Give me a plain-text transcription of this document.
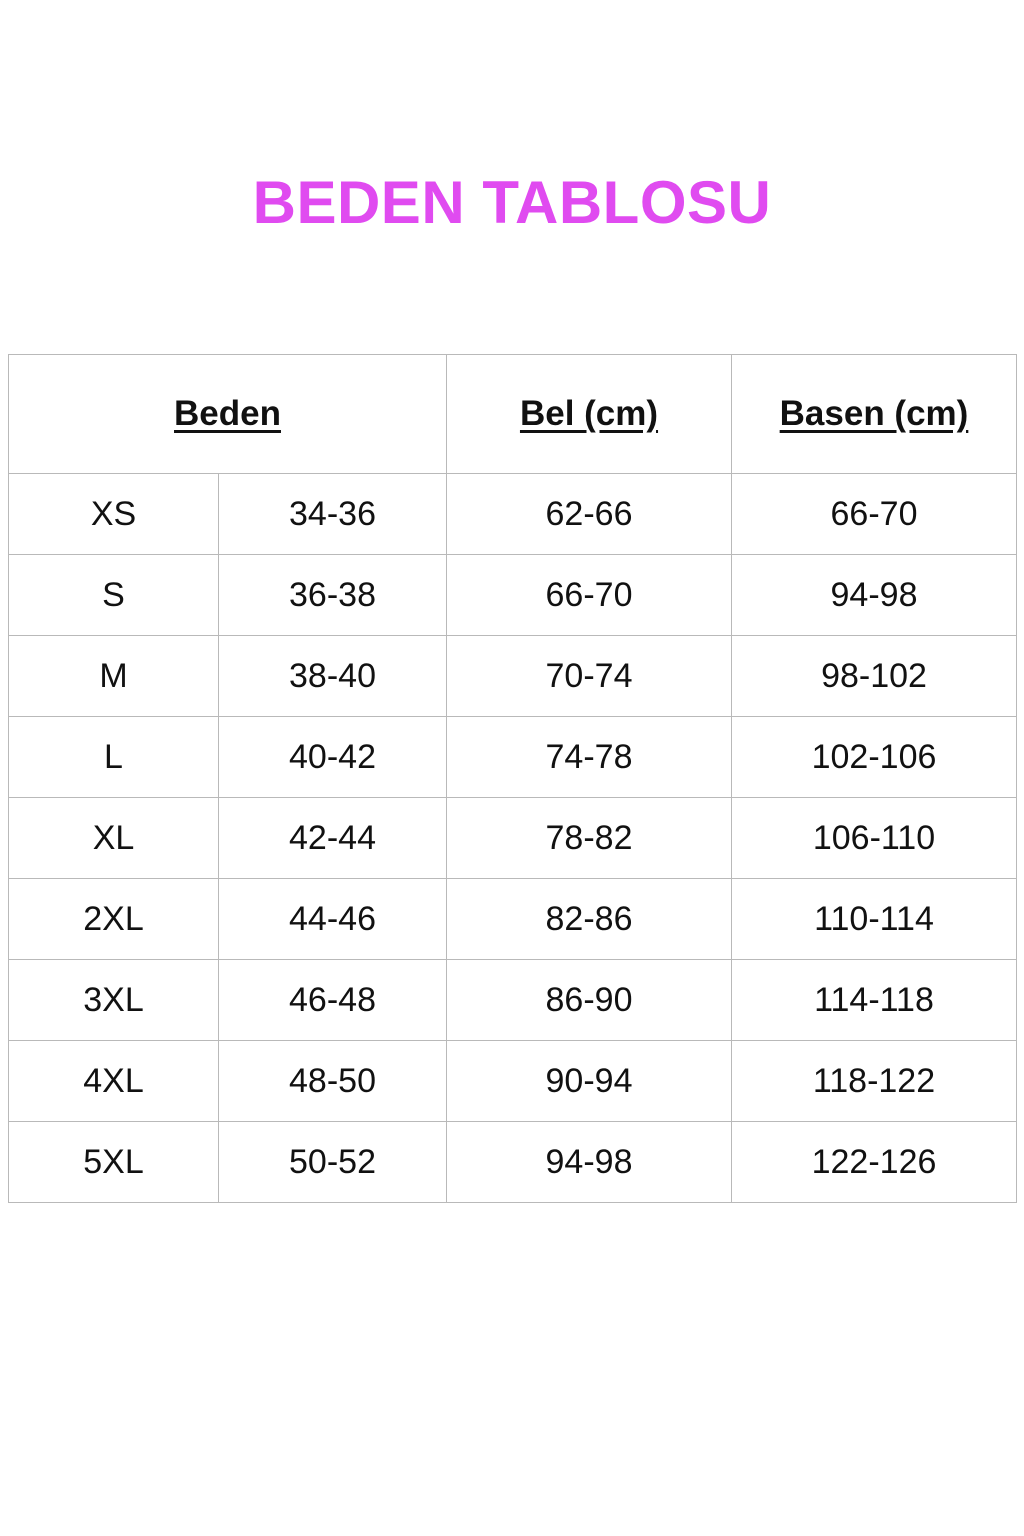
BEDEN TABLOSU
Beden		Bel (cm)	Basen (cm)
XS	34-36	62-66	66-70
S	36-38	66-70	94-98
M	38-40	70-74	98-102
L	40-42	74-78	102-106
XL	42-44	78-82	106-110
2XL	44-46	82-86	110-114
3XL	46-48	86-90	114-118
4XL	48-50	90-94	118-122
5XL	50-52	94-98	122-126
